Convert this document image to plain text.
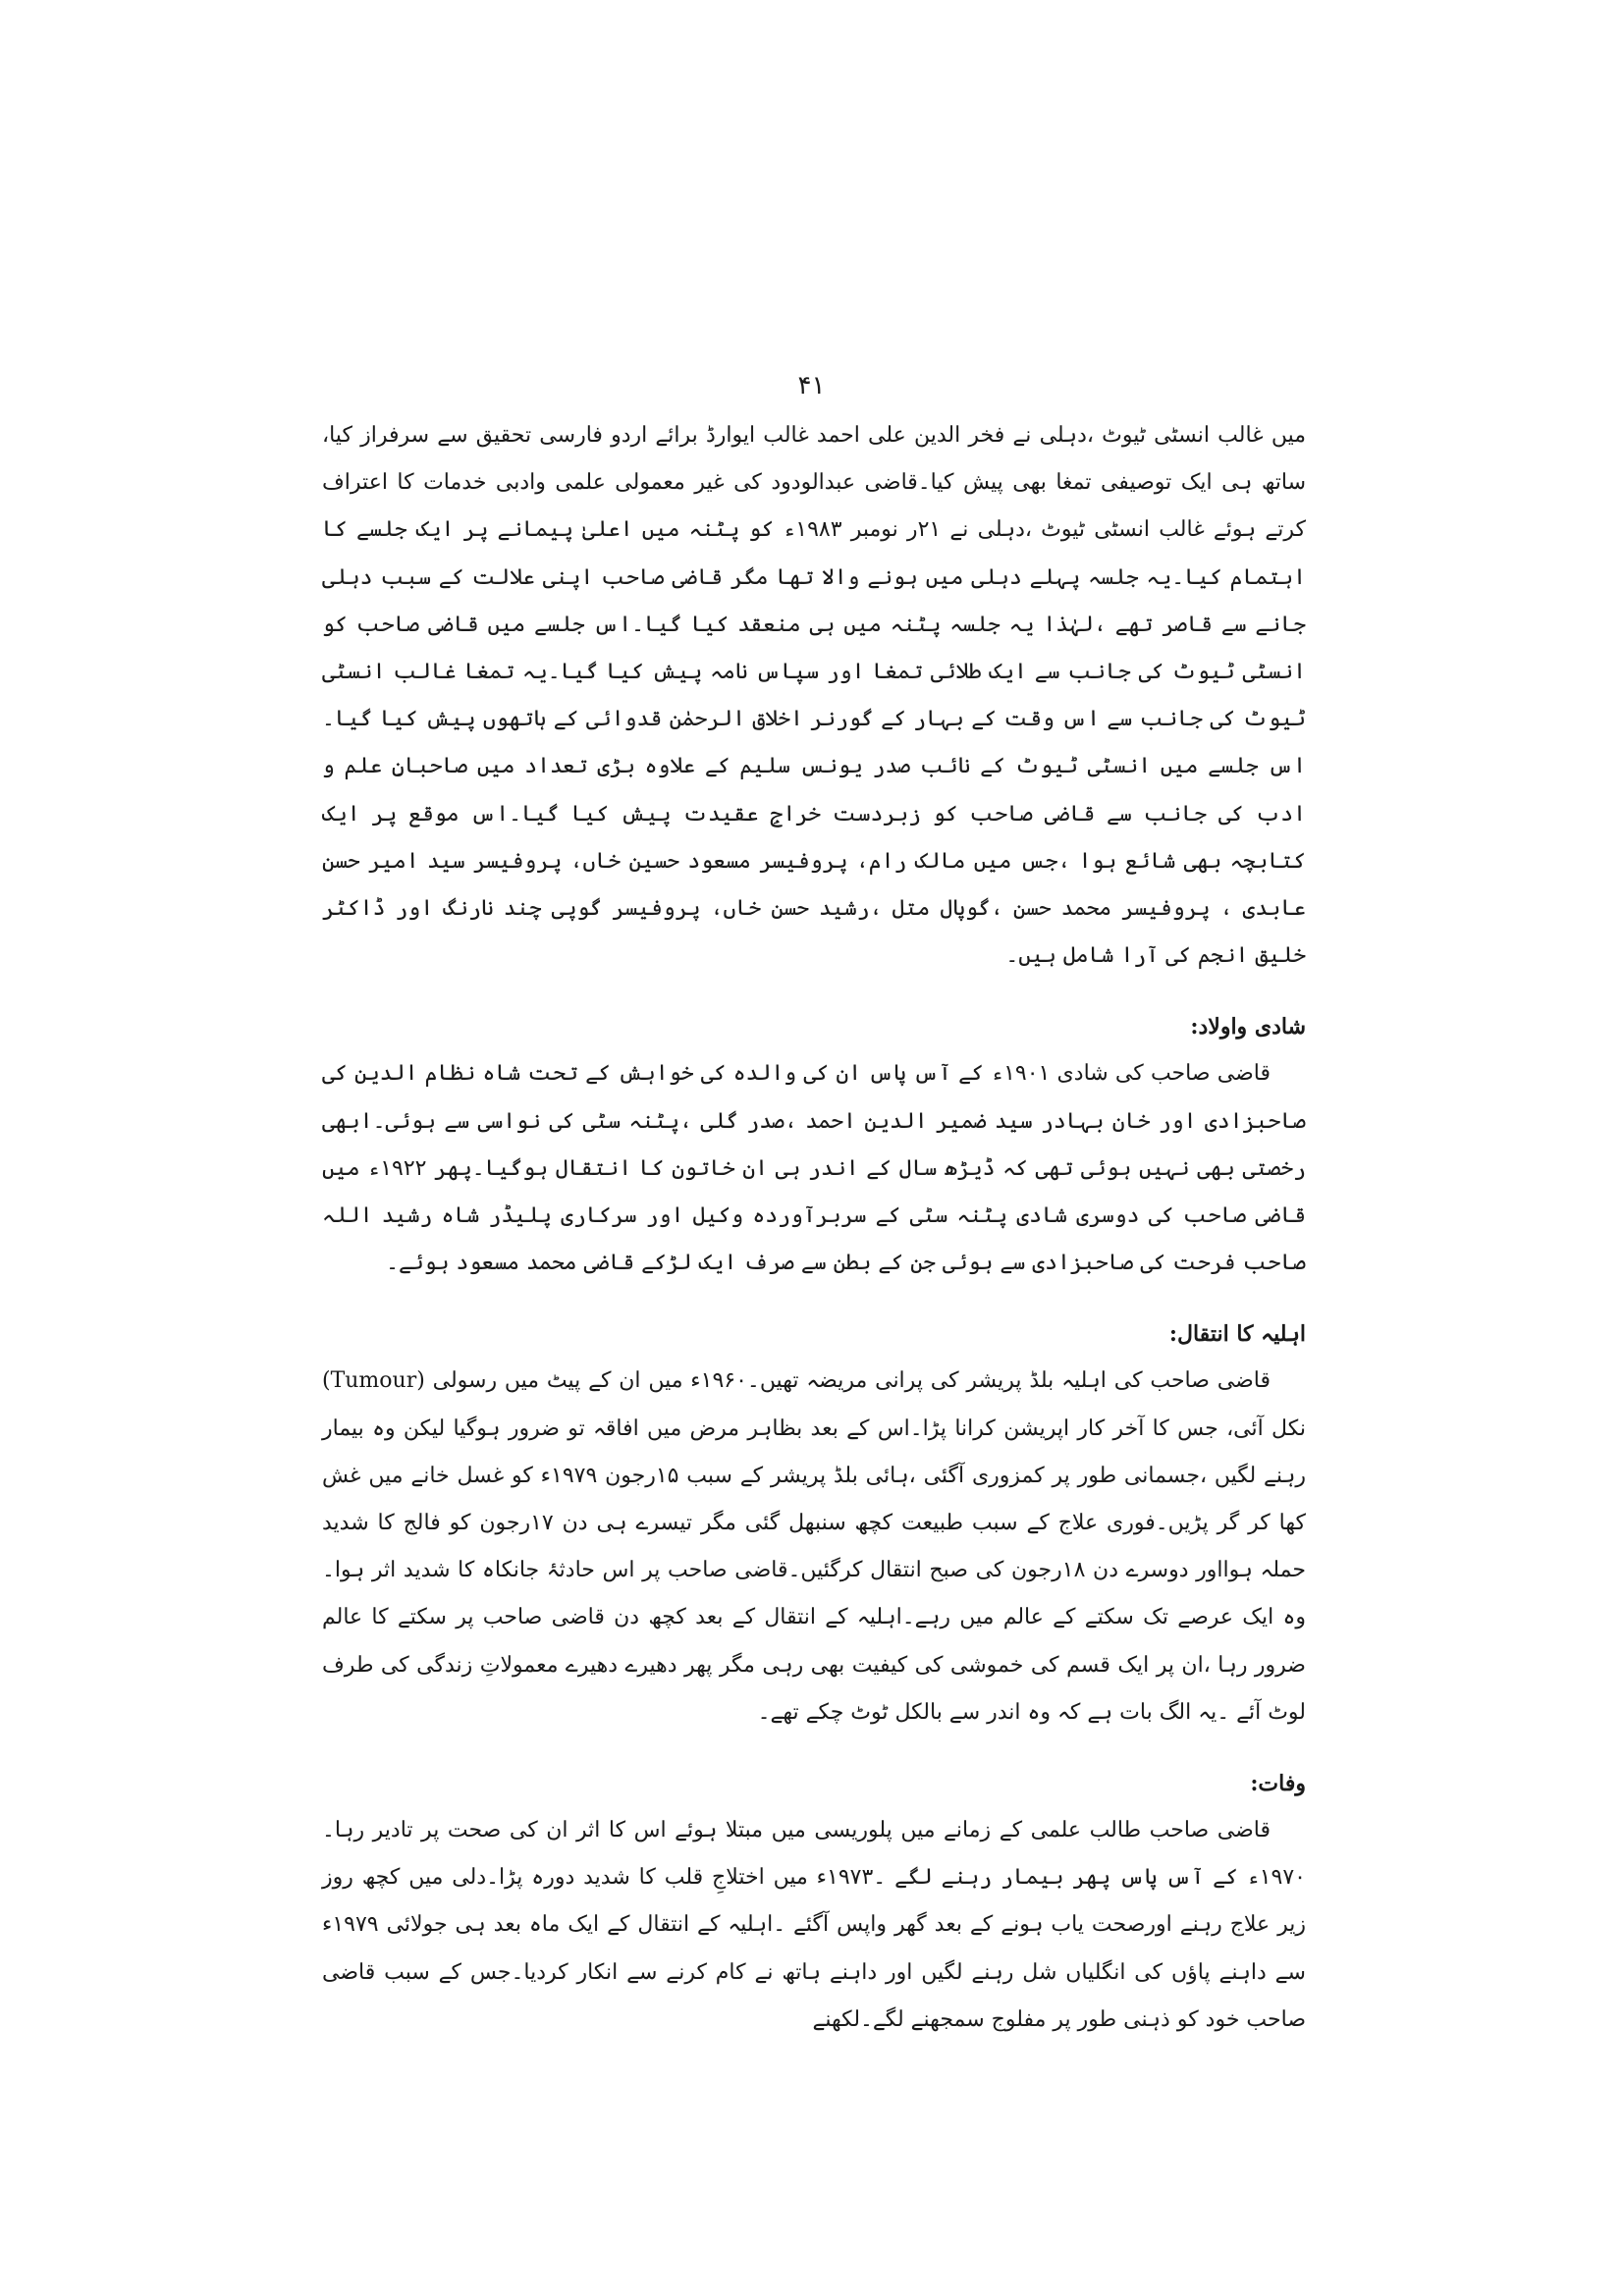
۴۱

میں غالب انسٹی ٹیوٹ ،دہلی نے فخر الدین علی احمد غالب ایوارڈ برائے اردو فارسی تحقیق سے سرفراز کیا، ساتھ ہی ایک توصیفی تمغا بھی پیش کیا۔قاضی عبدالودود کی غیر معمولی علمی وادبی خدمات کا اعتراف کرتے ہوئے غالب انسٹی ٹیوٹ ،دہلی نے ۲۱ر نومبر ۱۹۸۳ء کو پٹنہ میں اعلیٰ پیمانے پر ایک جلسے کا اہتمام کیا۔یہ جلسہ پہلے دہلی میں ہونے والا تھا مگر قاضی صاحب اپنی علالت کے سبب دہلی جانے سے قاصر تھے ،لہٰذا یہ جلسہ پٹنہ میں ہی منعقد کیا گیا۔اس جلسے میں قاضی صاحب کو انسٹی ٹیوٹ کی جانب سے ایک طلائی تمغا اور سپاس نامہ پیش کیا گیا۔یہ تمغا غالب انسٹی ٹیوٹ کی جانب سے اس وقت کے بہار کے گورنر اخلاق الرحمٰن قدوائی کے ہاتھوں پیش کیا گیا۔اس جلسے میں انسٹی ٹیوٹ کے نائب صدر یونس سلیم کے علاوہ بڑی تعداد میں صاحبانِ علم و ادب کی جانب سے قاضی صاحب کو زبردست خراجِ عقیدت پیش کیا گیا۔اس موقع پر ایک کتابچہ بھی شائع ہوا ،جس میں مالک رام، پروفیسر مسعود حسین خاں، پروفیسر سید امیر حسن عابدی ، پروفیسر محمد حسن ،گوپال متل ،رشید حسن خاں، پروفیسر گوپی چند نارنگ اور ڈاکٹر خلیق انجم کی آرا شامل ہیں۔

شادی واولاد:

قاضی صاحب کی شادی ۱۹۰۱ء کے آس پاس ان کی والدہ کی خواہش کے تحت شاہ نظام الدین کی صاحبزادی اور خان بہادر سید ضمیر الدین احمد ،صدر گلی ،پٹنہ سٹی کی نواسی سے ہوئی۔ابھی رخصتی بھی نہیں ہوئی تھی کہ ڈیڑھ سال کے اندر ہی ان خاتون کا انتقال ہوگیا۔پھر ۱۹۲۲ء میں قاضی صاحب کی دوسری شادی پٹنہ سٹی کے سربرآوردہ وکیل اور سرکاری پلیڈر شاہ رشید اللہ صاحب فرحت کی صاحبزادی سے ہوئی جن کے بطن سے صرف ایک لڑکے قاضی محمد مسعود ہوئے۔

اہلیہ کا انتقال:

قاضی صاحب کی اہلیہ بلڈ پریشر کی پرانی مریضہ تھیں۔۱۹۶۰ء میں ان کے پیٹ میں رسولی (Tumour) نکل آئی، جس کا آخر کار اپریشن کرانا پڑا۔اس کے بعد بظاہر مرض میں افاقہ تو ضرور ہوگیا لیکن وہ بیمار رہنے لگیں ،جسمانی طور پر کمزوری آگئی ،ہائی بلڈ پریشر کے سبب ۱۵رجون ۱۹۷۹ء کو غسل خانے میں غش کھا کر گر پڑیں۔فوری علاج کے سبب طبیعت کچھ سنبھل گئی مگر تیسرے ہی دن ۱۷رجون کو فالج کا شدید حملہ ہوااور دوسرے دن ۱۸رجون کی صبح انتقال کرگئیں۔قاضی صاحب پر اس حادثۂ جانکاہ کا شدید اثر ہوا۔وہ ایک عرصے تک سکتے کے عالم میں رہے۔اہلیہ کے انتقال کے بعد کچھ دن قاضی صاحب پر سکتے کا عالم ضرور رہا ،ان پر ایک قسم کی خموشی کی کیفیت بھی رہی مگر پھر دھیرے دھیرے معمولاتِ زندگی کی طرف لوٹ آئے ۔یہ الگ بات ہے کہ وہ اندر سے بالکل ٹوٹ چکے تھے۔

وفات:

قاضی صاحب طالب علمی کے زمانے میں پلوریسی میں مبتلا ہوئے اس کا اثر ان کی صحت پر تادیر رہا۔۱۹۷۰ء کے آس پاس پھر بیمار رہنے لگے ۔۱۹۷۳ء میں اختلاجِ قلب کا شدید دورہ پڑا۔دلی میں کچھ روز زیر علاج رہنے اورصحت یاب ہونے کے بعد گھر واپس آگئے ۔اہلیہ کے انتقال کے ایک ماہ بعد ہی جولائی ۱۹۷۹ء سے داہنے پاؤں کی انگلیاں شل رہنے لگیں اور داہنے ہاتھ نے کام کرنے سے انکار کردیا۔جس کے سبب قاضی صاحب خود کو ذہنی طور پر مفلوج سمجھنے لگے۔لکھنے
